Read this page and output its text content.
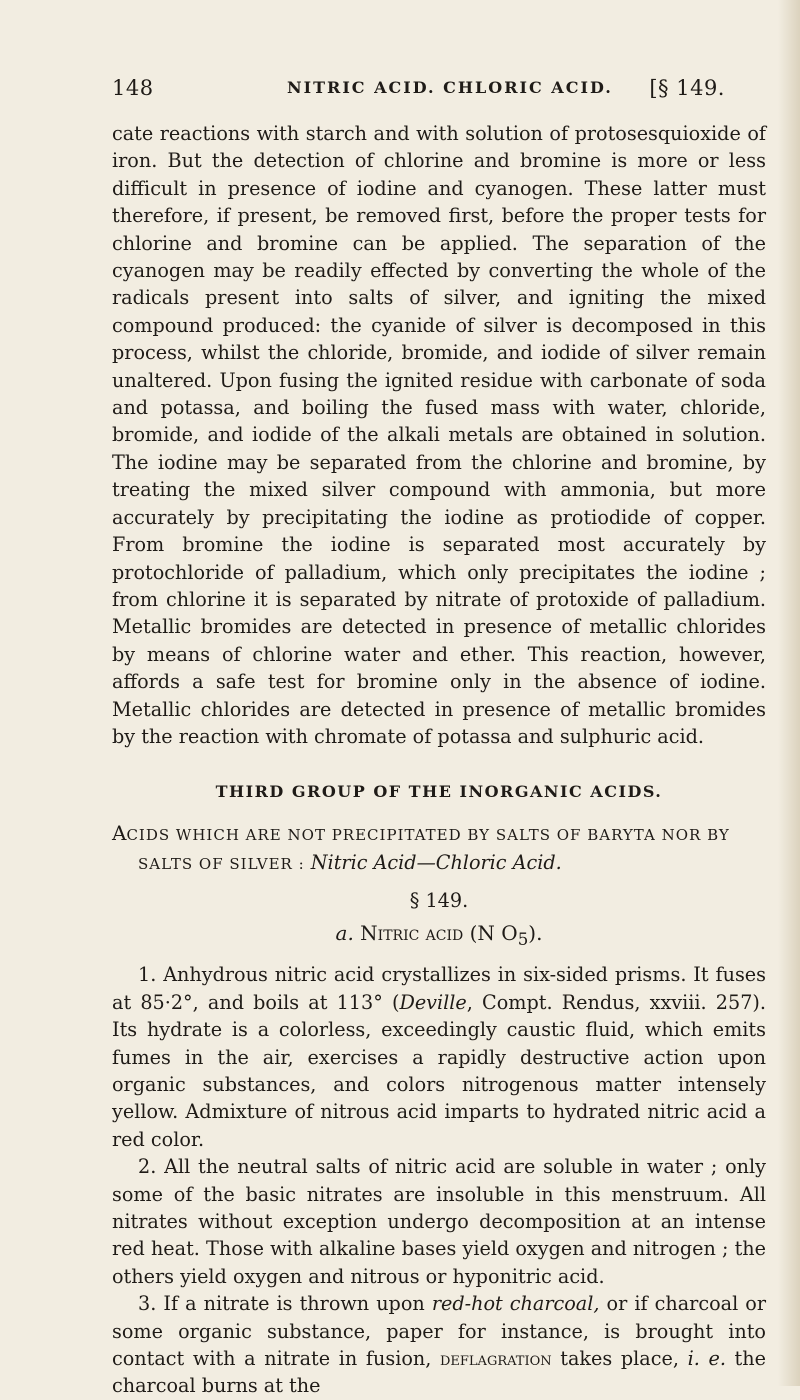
148	NITRIC ACID. CHLORIC ACID. [§ 149.

cate reactions with starch and with solution of protosesquioxide of iron. But the detection of chlorine and bromine is more or less difficult in presence of iodine and cyanogen. These latter must therefore, if present, be removed first, before the proper tests for chlorine and bromine can be applied. The separation of the cyanogen may be readily effected by converting the whole of the radicals present into salts of silver, and igniting the mixed compound produced: the cyanide of silver is decomposed in this process, whilst the chloride, bromide, and iodide of silver remain unaltered. Upon fusing the ignited residue with carbonate of soda and potassa, and boiling the fused mass with water, chloride, bromide, and iodide of the alkali metals are obtained in solution. The iodine may be separated from the chlorine and bromine, by treating the mixed silver compound with ammonia, but more accurately by precipitating the iodine as protiodide of copper. From bromine the iodine is separated most accurately by protochloride of palladium, which only precipitates the iodine ; from chlorine it is separated by nitrate of protoxide of palladium. Metallic bromides are detected in presence of metallic chlorides by means of chlorine water and ether. This reaction, however, affords a safe test for bromine only in the absence of iodine. Metallic chlorides are detected in presence of metallic bromides by the reaction with chromate of potassa and sulphuric acid.

THIRD GROUP OF THE INORGANIC ACIDS.

ACIDS WHICH ARE NOT PRECIPITATED BY SALTS OF BARYTA NOR BY

SALTS OF SILVER : Nitric Acid—Chloric Acid.

§ 149.

a. Nitric acid (N $O_5$).

1. Anhydrous nitric acid crystallizes in six-sided prisms. It fuses at 85·2°, and boils at 113° (Deville, Compt. Rendus, xxviii. 257). Its hydrate is a colorless, exceedingly caustic fluid, which emits fumes in the air, exercises a rapidly destructive action upon organic substances, and colors nitrogenous matter intensely yellow. Admixture of nitrous acid imparts to hydrated nitric acid a red color.

2. All the neutral salts of nitric acid are soluble in water ; only some of the basic nitrates are insoluble in this menstruum. All nitrates without exception undergo decomposition at an intense red heat. Those with alkaline bases yield oxygen and nitrogen ; the others yield oxygen and nitrous or hyponitric acid.

3. If a nitrate is thrown upon red-hot charcoal, or if charcoal or some organic substance, paper for instance, is brought into contact with a nitrate in fusion, deflagration takes place, i. e. the charcoal burns at the
